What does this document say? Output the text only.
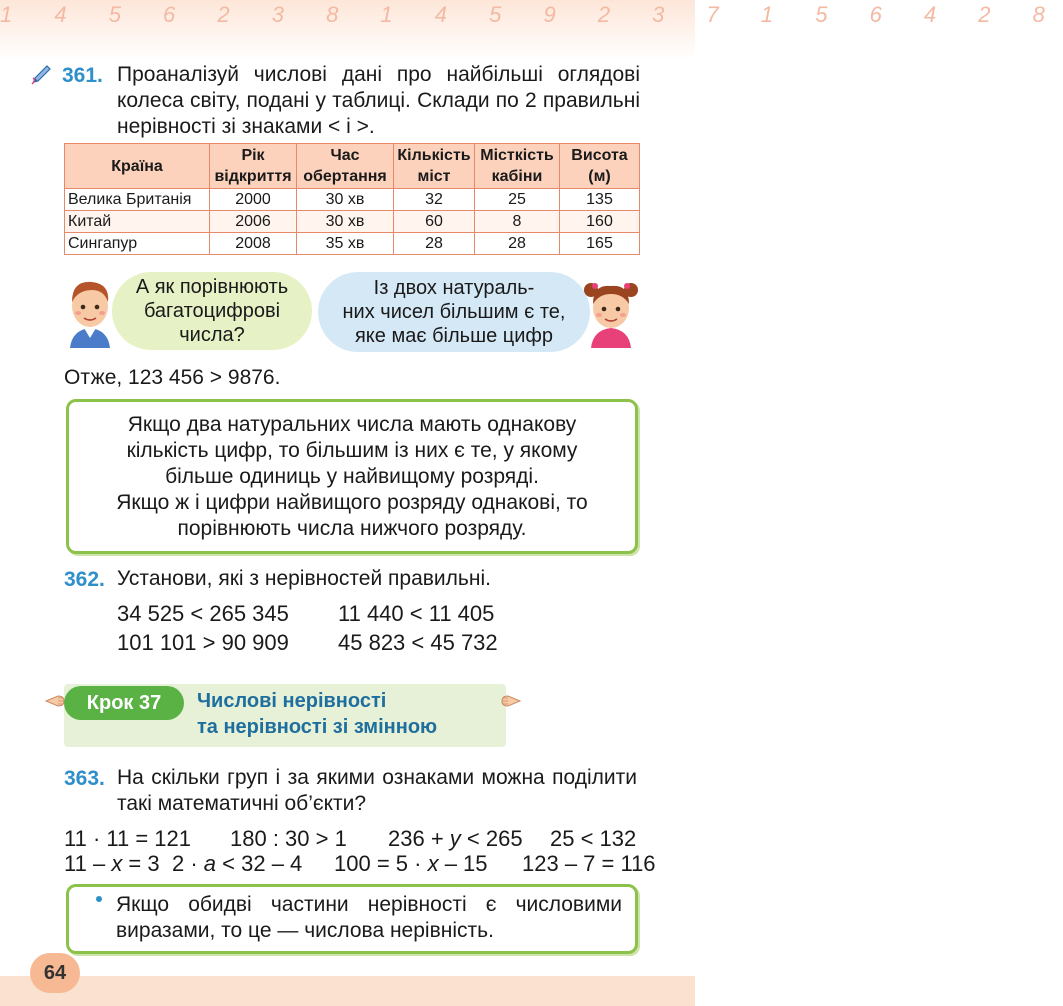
1 4 5 6 2 3 8 1 4 5 9 2 3 7 1 5 6 4 2 8
361. Проаналізуй числові дані про найбільші оглядові колеса світу, подані у таблиці. Склади по 2 правильні нерівності зі знаками < і >.
Країна	Рік відкриття	Час обертання	Кількість міст	Місткість кабіни	Висота (м)
Велика Британія	2000	30 хв	32	25	135
Китай	2006	30 хв	60	8	160
Сингапур	2008	35 хв	28	28	165
А як порівнюють
багатоцифрові
числа?
Із двох натураль-
них чисел більшим є те,
яке має більше цифр
Отже, 123 456 > 9876.
Якщо два натуральних числа мають однакову
кількість цифр, то більшим із них є те, у якому
більше одиниць у найвищому розряді.
Якщо ж і цифри найвищого розряду однакові, то
порівнюють числа нижчого розряду.
362. Установи, які з нерівностей правильні.
34 525 < 265 345 11 440 < 11 405
101 101 > 90 909 45 823 < 45 732
Крок 37	Числові нерівності
та нерівності зі змінною
363. На скільки груп і за якими ознаками можна поділити такі математичні об’єкти?
11 · 11 = 121 180 : 30 > 1 236 + y < 265 25 < 132
11 – x = 3 2 · a < 32 – 4 100 = 5 · x – 15 123 – 7 = 116
Якщо обидві частини нерівності є числовими виразами, то це — числова нерівність.
64
